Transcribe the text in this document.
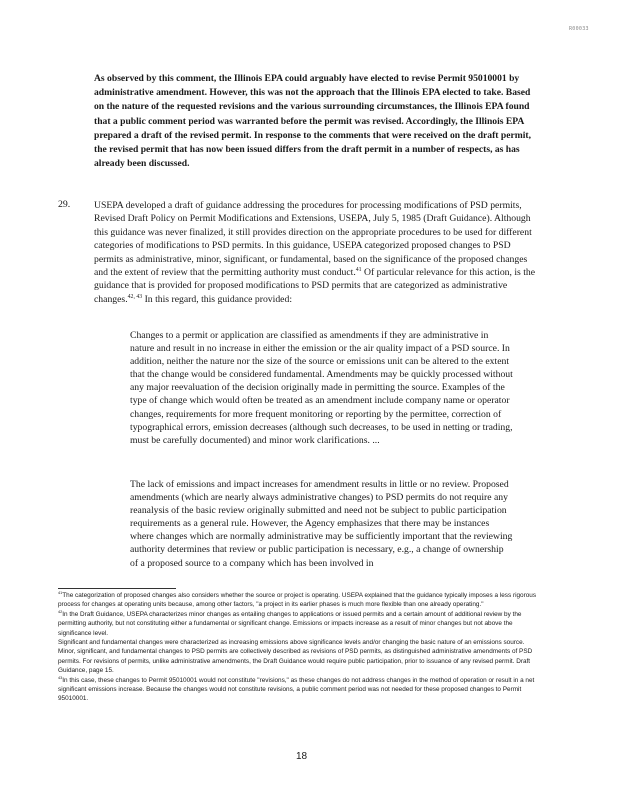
R00033
As observed by this comment, the Illinois EPA could arguably have elected to revise Permit 95010001 by administrative amendment. However, this was not the approach that the Illinois EPA elected to take. Based on the nature of the requested revisions and the various surrounding circumstances, the Illinois EPA found that a public comment period was warranted before the permit was revised. Accordingly, the Illinois EPA prepared a draft of the revised permit. In response to the comments that were received on the draft permit, the revised permit that has now been issued differs from the draft permit in a number of respects, as has already been discussed.
29. USEPA developed a draft of guidance addressing the procedures for processing modifications of PSD permits, Revised Draft Policy on Permit Modifications and Extensions, USEPA, July 5, 1985 (Draft Guidance). Although this guidance was never finalized, it still provides direction on the appropriate procedures to be used for different categories of modifications to PSD permits. In this guidance, USEPA categorized proposed changes to PSD permits as administrative, minor, significant, or fundamental, based on the significance of the proposed changes and the extent of review that the permitting authority must conduct.$^{41}$ Of particular relevance for this action, is the guidance that is provided for proposed modifications to PSD permits that are categorized as administrative changes.$^{42, 43}$ In this regard, this guidance provided:
Changes to a permit or application are classified as amendments if they are administrative in nature and result in no increase in either the emission or the air quality impact of a PSD source. In addition, neither the nature nor the size of the source or emissions unit can be altered to the extent that the change would be considered fundamental. Amendments may be quickly processed without any major reevaluation of the decision originally made in permitting the source. Examples of the type of change which would often be treated as an amendment include company name or operator changes, requirements for more frequent monitoring or reporting by the permittee, correction of typographical errors, emission decreases (although such decreases, to be used in netting or trading, must be carefully documented) and minor work clarifications. ...
The lack of emissions and impact increases for amendment results in little or no review. Proposed amendments (which are nearly always administrative changes) to PSD permits do not require any reanalysis of the basic review originally submitted and need not be subject to public participation requirements as a general rule. However, the Agency emphasizes that there may be instances where changes which are normally administrative may be sufficiently important that the reviewing authority determines that review or public participation is necessary, e.g., a change of ownership of a proposed source to a company which has been involved in

$^{41}$The categorization of proposed changes also considers whether the source or project is operating. USEPA explained that the guidance typically imposes a less rigorous process for changes at operating units because, among other factors, "a project in its earlier phases is much more flexible than one already operating."

$^{42}$In the Draft Guidance, USEPA characterizes minor changes as entailing changes to applications or issued permits and a certain amount of additional review by the permitting authority, but not constituting either a fundamental or significant change. Emissions or impacts increase as a result of minor changes but not above the significance level.

Significant and fundamental changes were characterized as increasing emissions above significance levels and/or changing the basic nature of an emissions source.

Minor, significant, and fundamental changes to PSD permits are collectively described as revisions of PSD permits, as distinguished administrative amendments of PSD permits. For revisions of permits, unlike administrative amendments, the Draft Guidance would require public participation, prior to issuance of any revised permit. Draft Guidance, page 15.

$^{43}$In this case, these changes to Permit 95010001 would not constitute "revisions," as these changes do not address changes in the method of operation or result in a net significant emissions increase. Because the changes would not constitute revisions, a public comment period was not needed for these proposed changes to Permit 95010001.

18
